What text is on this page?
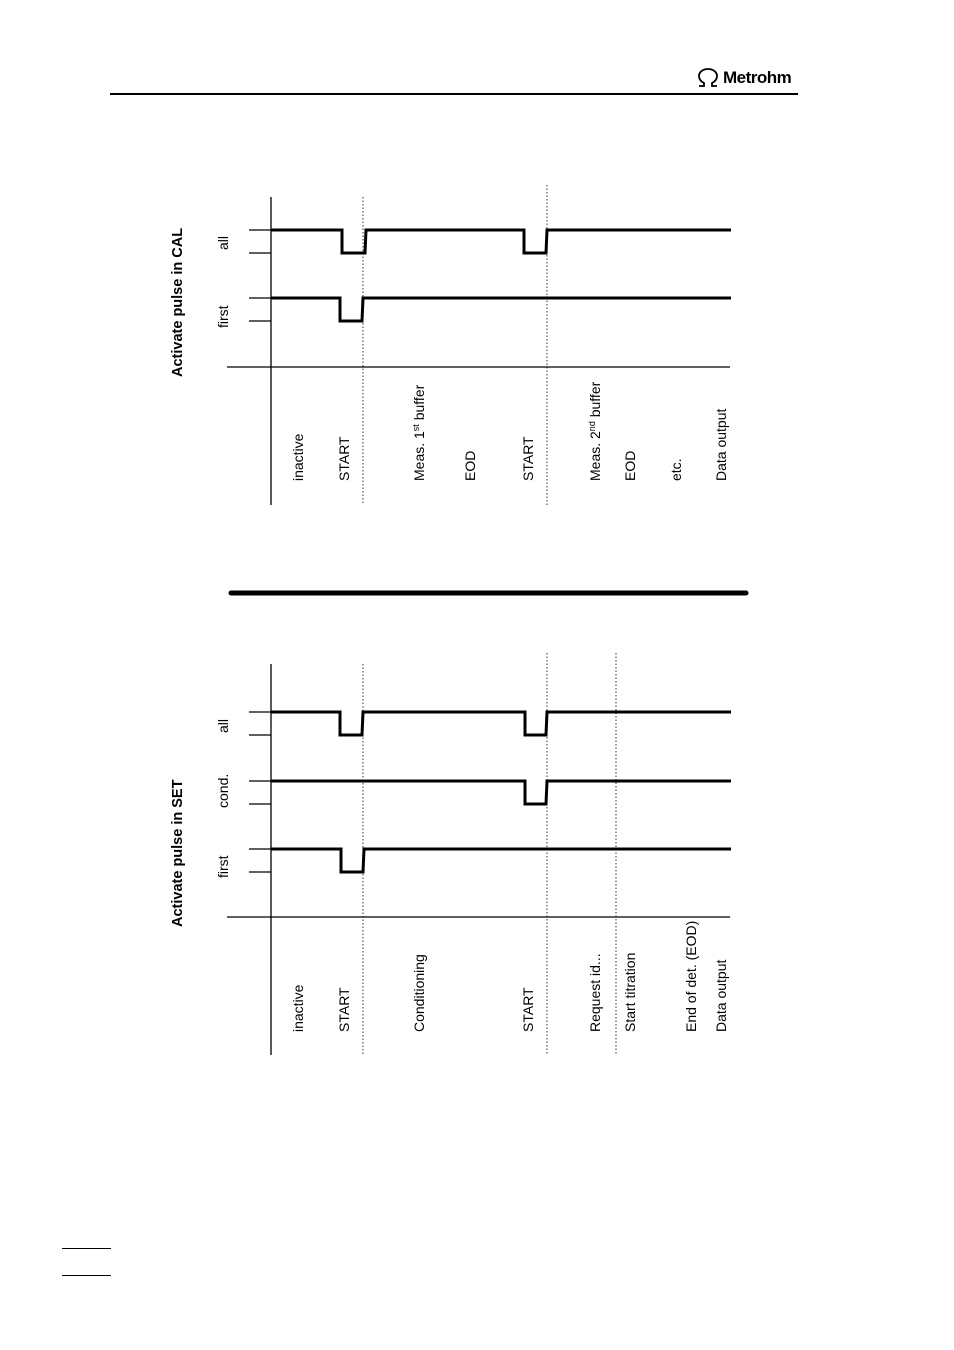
Metrohm
Activate pulse in CAL all
first
inactive START	Meas. 1st buffer
EOD	START	Meas. 2nd buffer
EOD etc. Data output
Activate pulse in SET
all
cond.
first
inactive START	Conditioning	START	Request id... Start titration	End of det. (EOD) Data output
